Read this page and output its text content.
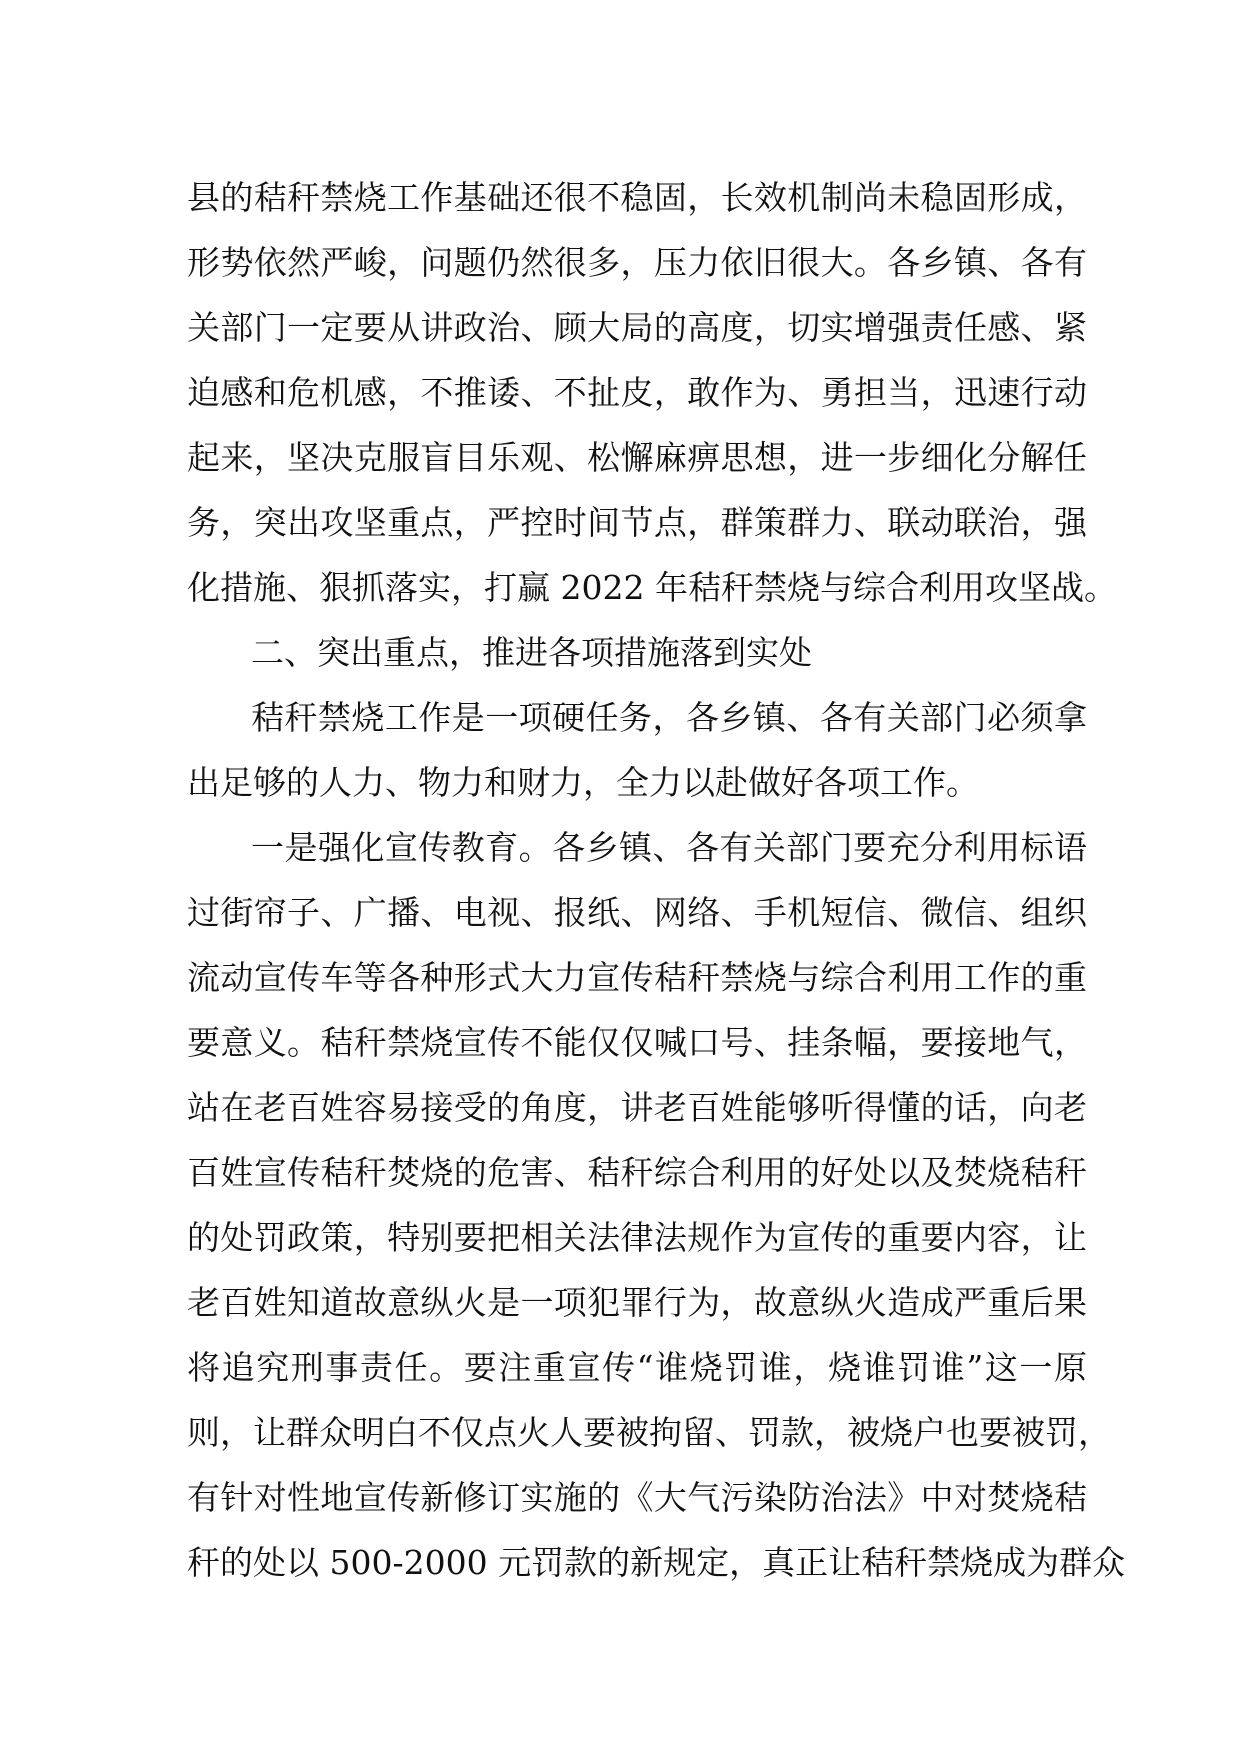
县的秸秆禁烧工作基础还很不稳固，长效机制尚未稳固形成，
形势依然严峻，问题仍然很多，压力依旧很大。各乡镇、各有
关部门一定要从讲政治、顾大局的高度，切实增强责任感、紧
迫感和危机感，不推诿、不扯皮，敢作为、勇担当，迅速行动
起来，坚决克服盲目乐观、松懈麻痹思想，进一步细化分解任
务，突出攻坚重点，严控时间节点，群策群力、联动联治，强
化措施、狠抓落实，打赢 2022 年秸秆禁烧与综合利用攻坚战。
二、突出重点，推进各项措施落到实处
秸秆禁烧工作是一项硬任务，各乡镇、各有关部门必须拿
出足够的人力、物力和财力，全力以赴做好各项工作。
一是强化宣传教育。各乡镇、各有关部门要充分利用标语
过街帘子、广播、电视、报纸、网络、手机短信、微信、组织
流动宣传车等各种形式大力宣传秸秆禁烧与综合利用工作的重
要意义。秸秆禁烧宣传不能仅仅喊口号、挂条幅，要接地气，
站在老百姓容易接受的角度，讲老百姓能够听得懂的话，向老
百姓宣传秸秆焚烧的危害、秸秆综合利用的好处以及焚烧秸秆
的处罚政策，特别要把相关法律法规作为宣传的重要内容，让
老百姓知道故意纵火是一项犯罪行为，故意纵火造成严重后果
将追究刑事责任。要注重宣传“谁烧罚谁，烧谁罚谁”这一原
则，让群众明白不仅点火人要被拘留、罚款，被烧户也要被罚，
有针对性地宣传新修订实施的《大气污染防治法》中对焚烧秸
秆的处以 500-2000 元罚款的新规定，真正让秸秆禁烧成为群众
